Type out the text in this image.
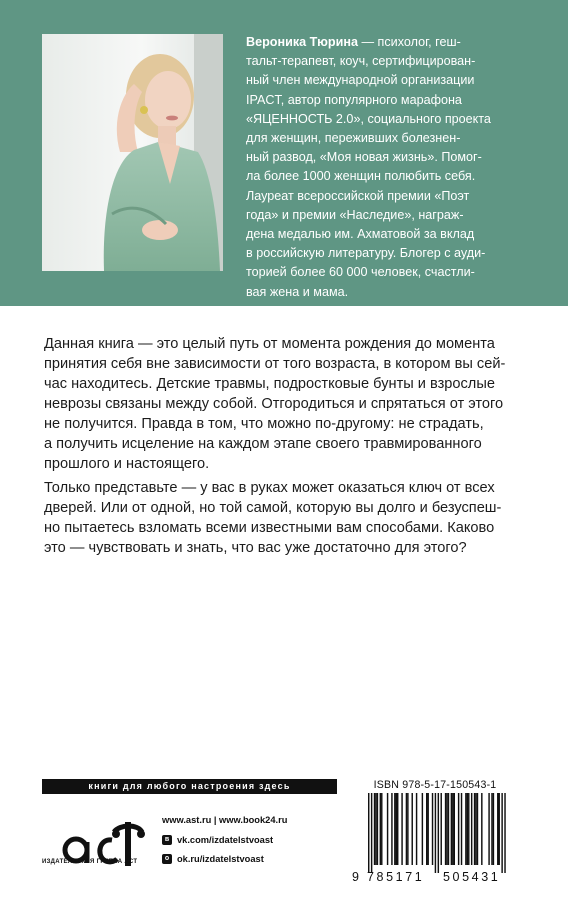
Вероника Тюрина — психолог, геш-
тальт-терапевт, коуч, сертифицирован-
ный член международной организации
IPACT, автор популярного марафона
«ЯЦЕННОСТЬ 2.0», социального проекта
для женщин, переживших болезнен-
ный развод, «Моя новая жизнь». Помог-
ла более 1000 женщин полюбить себя.
Лауреат всероссийской премии «Поэт
года» и премии «Наследие», награж-
дена медалью им. Ахматовой за вклад
в российскую литературу. Блогер с ауди-
торией более 60 000 человек, счастли-
вая жена и мама.
Данная книга — это целый путь от момента рождения до момента
принятия себя вне зависимости от того возраста, в котором вы сей-
час находитесь. Детские травмы, подростковые бунты и взрослые
неврозы связаны между собой. Отгородиться и спрятаться от этого
не получится. Правда в том, что можно по-другому: не страдать,
а получить исцеление на каждом этапе своего травмированного
прошлого и настоящего.
Только представьте — у вас в руках может оказаться ключ от всех
дверей. Или от одной, но той самой, которую вы долго и безуспеш-
но пытаетесь взломать всеми известными вам способами. Каково
это — чувствовать и знать, что вас уже достаточно для этого?
книги для любого настроения здесь
ИЗДАТЕЛЬСКАЯ ГРУППА АСТ
www.ast.ru | www.book24.ru
в vk.com/izdatelstvoast
о ok.ru/izdatelstvoast
ISBN 978-5-17-150543-1
9 785171 505431
